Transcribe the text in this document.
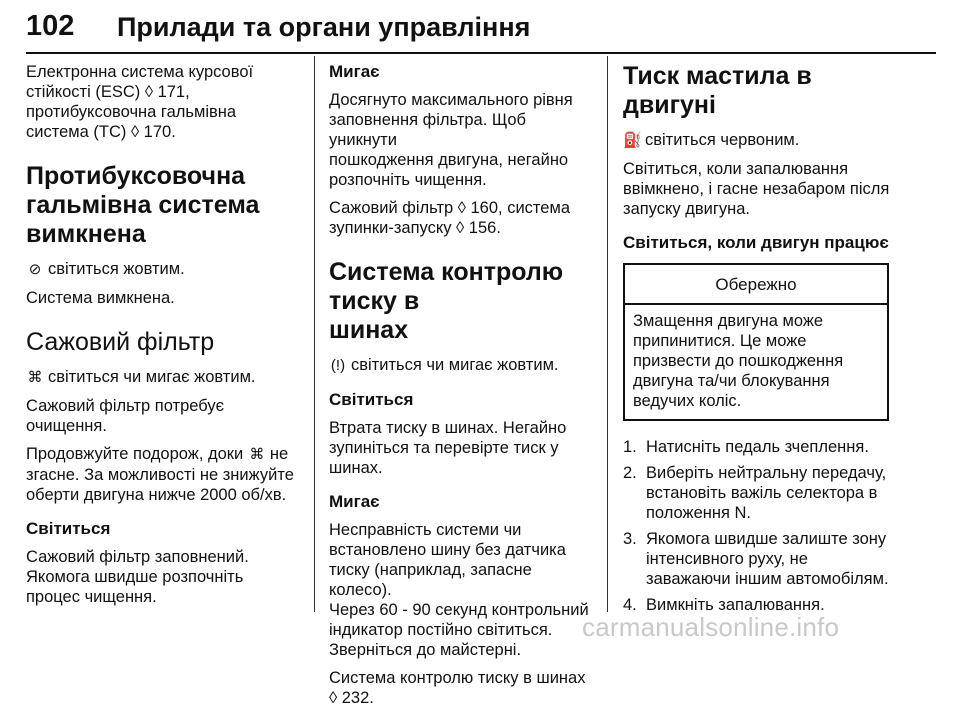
102 Прилади та органи управління

Електронна система курсової
стійкості (ESC) ◊ 171,
протибуксовочна гальмівна
система (TC) ◊ 170.

Протибуксовочна
гальмівна система
вимкнена

⊘ світиться жовтим.

Система вимкнена.

Сажовий фільтр

⌘ світиться чи мигає жовтим.

Сажовий фільтр потребує
очищення.

Продовжуйте подорож, доки ⌘ не
згасне. За можливості не знижуйте
оберти двигуна нижче 2000 об/хв.

Світиться

Сажовий фільтр заповнений.
Якомога швидше розпочніть
процес чищення.

Мигає

Досягнуто максимального рівня
заповнення фільтра. Щоб уникнути
пошкодження двигуна, негайно
розпочніть чищення.

Сажовий фільтр ◊ 160, система
зупинки-запуску ◊ 156.

Система контролю тиску в
шинах

(!) світиться чи мигає жовтим.

Світиться

Втрата тиску в шинах. Негайно
зупиніться та перевірте тиск у
шинах.

Мигає

Несправність системи чи
встановлено шину без датчика
тиску (наприклад, запасне колесо).
Через 60 - 90 секунд контрольний
індикатор постійно світиться.
Зверніться до майстерні.

Система контролю тиску в шинах
◊ 232.

Тиск мастила в двигуні

⛽ світиться червоним.

Світиться, коли запалювання
ввімкнено, і гасне незабаром після
запуску двигуна.

Світиться, коли двигун працює
Обережно
Змащення двигуна може
припинитися. Це може
призвести до пошкодження
двигуна та/чи блокування
ведучих коліс.
1. Натисніть педаль зчеплення.
2. Виберіть нейтральну передачу,
встановіть важіль селектора в
положення N.
3. Якомога швидше залиште зону
інтенсивного руху, не
заважаючи іншим автомобілям.
4. Вимкніть запалювання.
carmanualsonline.info
